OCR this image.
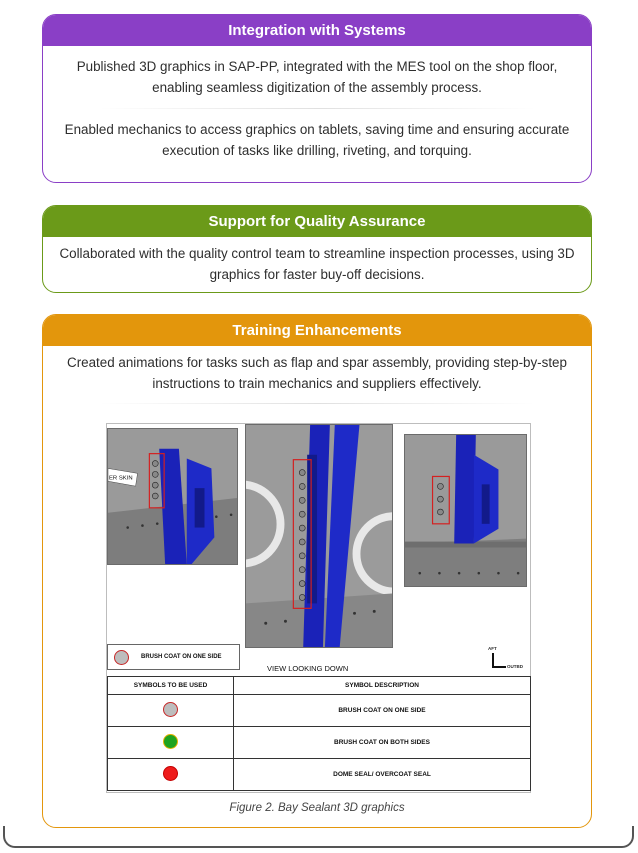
Integration with Systems

Published 3D graphics in SAP-PP, integrated with the MES tool on the shop floor, enabling seamless digitization of the assembly process.

Enabled mechanics to access graphics on tablets, saving time and ensuring accurate execution of tasks like drilling, riveting, and torquing.

Support for Quality Assurance

Collaborated with the quality control team to streamline inspection processes, using 3D graphics for faster buy-off decisions.

Training Enhancements

Created animations for tasks such as flap and spar assembly, providing step-by-step instructions to train mechanics and suppliers effectively.

ER SKIN
BRUSH COAT ON ONE SIDE
VIEW LOOKING DOWN
AFT
OUTBD
SYMBOLS TO BE USED	SYMBOL DESCRIPTION
	BRUSH COAT ON ONE SIDE
	BRUSH COAT ON BOTH SIDES
	DOME SEAL/ OVERCOAT SEAL
Figure 2. Bay Sealant 3D graphics
